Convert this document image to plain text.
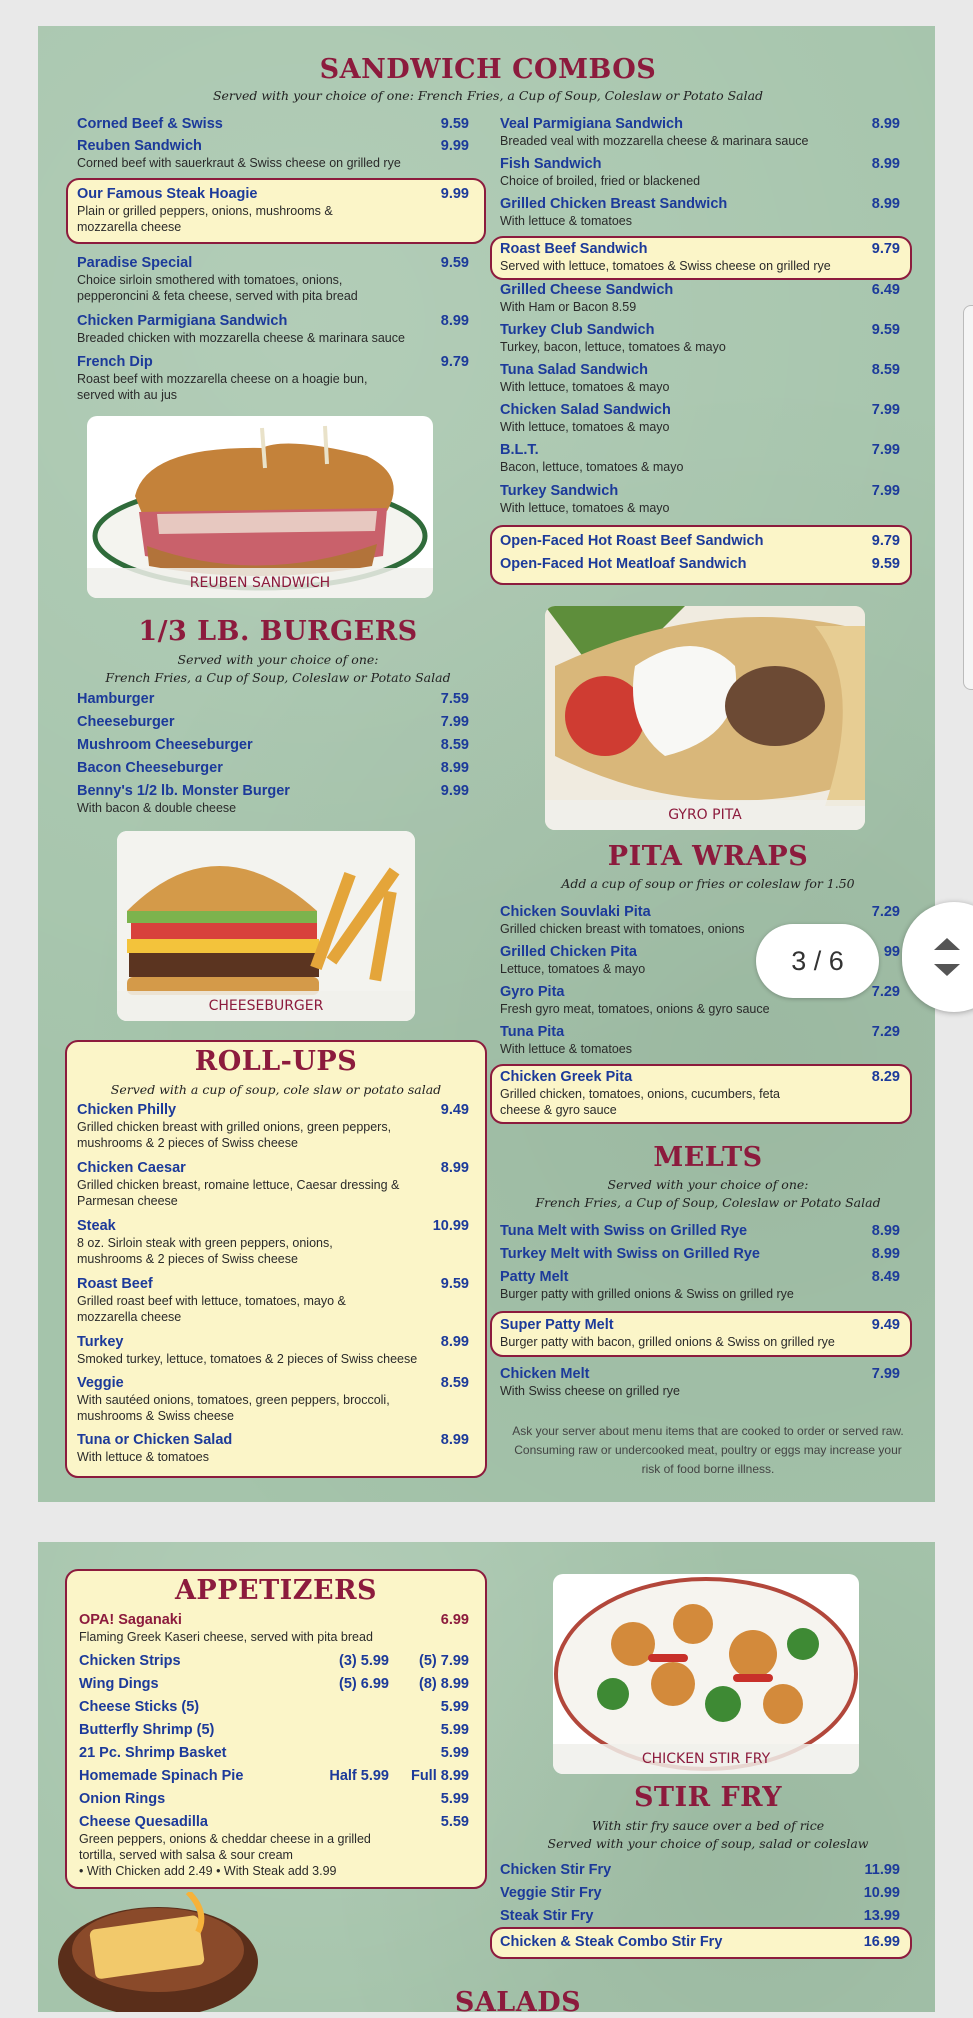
SANDWICH COMBOS
Served with your choice of one: French Fries, a Cup of Soup, Coleslaw or Potato Salad
Corned Beef & Swiss	9.59
Reuben Sandwich	9.99
Corned beef with sauerkraut & Swiss cheese on grilled rye
Our Famous Steak Hoagie	9.99
Plain or grilled peppers, onions, mushrooms & mozzarella cheese
Paradise Special	9.59
Choice sirloin smothered with tomatoes, onions, pepperoncini & feta cheese, served with pita bread
Chicken Parmigiana Sandwich	8.99
Breaded chicken with mozzarella cheese & marinara sauce
French Dip	9.79
Roast beef with mozzarella cheese on a hoagie bun, served with au jus
REUBEN SANDWICH
Veal Parmigiana Sandwich	8.99
Breaded veal with mozzarella cheese & marinara sauce
Fish Sandwich	8.99
Choice of broiled, fried or blackened
Grilled Chicken Breast Sandwich	8.99
With lettuce & tomatoes
Roast Beef Sandwich	9.79
Served with lettuce, tomatoes & Swiss cheese on grilled rye
Grilled Cheese Sandwich	6.49
With Ham or Bacon 8.59
Turkey Club Sandwich	9.59
Turkey, bacon, lettuce, tomatoes & mayo
Tuna Salad Sandwich	8.59
With lettuce, tomatoes & mayo
Chicken Salad Sandwich	7.99
With lettuce, tomatoes & mayo
B.L.T.	7.99
Bacon, lettuce, tomatoes & mayo
Turkey Sandwich	7.99
With lettuce, tomatoes & mayo
Open-Faced Hot Roast Beef Sandwich	9.79
Open-Faced Hot Meatloaf Sandwich	9.59
1/3 LB. BURGERS
Served with your choice of one:
French Fries, a Cup of Soup, Coleslaw or Potato Salad
Hamburger	7.59
Cheeseburger	7.99
Mushroom Cheeseburger	8.59
Bacon Cheeseburger	8.99
Benny's 1/2 lb. Monster Burger	9.99
With bacon & double cheese
CHEESEBURGER
GYRO PITA
PITA WRAPS
Add a cup of soup or fries or coleslaw for 1.50
Chicken Souvlaki Pita	7.29
Grilled chicken breast with tomatoes, onions
Grilled Chicken Pita	99
Lettuce, tomatoes & mayo
Gyro Pita	7.29
Fresh gyro meat, tomatoes, onions & gyro sauce
Tuna Pita	7.29
With lettuce & tomatoes
Chicken Greek Pita	8.29
Grilled chicken, tomatoes, onions, cucumbers, feta cheese & gyro sauce
ROLL-UPS
Served with a cup of soup, cole slaw or potato salad
Chicken Philly	9.49
Grilled chicken breast with grilled onions, green peppers, mushrooms & 2 pieces of Swiss cheese
Chicken Caesar	8.99
Grilled chicken breast, romaine lettuce, Caesar dressing & Parmesan cheese
Steak	10.99
8 oz. Sirloin steak with green peppers, onions, mushrooms & 2 pieces of Swiss cheese
Roast Beef	9.59
Grilled roast beef with lettuce, tomatoes, mayo & mozzarella cheese
Turkey	8.99
Smoked turkey, lettuce, tomatoes & 2 pieces of Swiss cheese
Veggie	8.59
With sautéed onions, tomatoes, green peppers, broccoli, mushrooms & Swiss cheese
Tuna or Chicken Salad	8.99
With lettuce & tomatoes
MELTS
Served with your choice of one:
French Fries, a Cup of Soup, Coleslaw or Potato Salad
Tuna Melt with Swiss on Grilled Rye	8.99
Turkey Melt with Swiss on Grilled Rye	8.99
Patty Melt	8.49
Burger patty with grilled onions & Swiss on grilled rye
Super Patty Melt	9.49
Burger patty with bacon, grilled onions & Swiss on grilled rye
Chicken Melt	7.99
With Swiss cheese on grilled rye
Ask your server about menu items that are cooked to order or served raw. Consuming raw or undercooked meat, poultry or eggs may increase your risk of food borne illness.
APPETIZERS
OPA! Saganaki	6.99
Flaming Greek Kaseri cheese, served with pita bread
Chicken Strips	(3) 5.99 (5) 7.99
Wing Dings	(5) 6.99 (8) 8.99
Cheese Sticks (5)	5.99
Butterfly Shrimp (5)	5.99
21 Pc. Shrimp Basket	5.99
Homemade Spinach Pie	Half 5.99 Full 8.99
Onion Rings	5.99
Cheese Quesadilla	5.59
Green peppers, onions & cheddar cheese in a grilled tortilla, served with salsa & sour cream
• With Chicken add 2.49 • With Steak add 3.99
CHICKEN STIR FRY
STIR FRY
With stir fry sauce over a bed of rice
Served with your choice of soup, salad or coleslaw
Chicken Stir Fry	11.99
Veggie Stir Fry	10.99
Steak Stir Fry	13.99
Chicken & Steak Combo Stir Fry	16.99
SALADS
3 / 6
